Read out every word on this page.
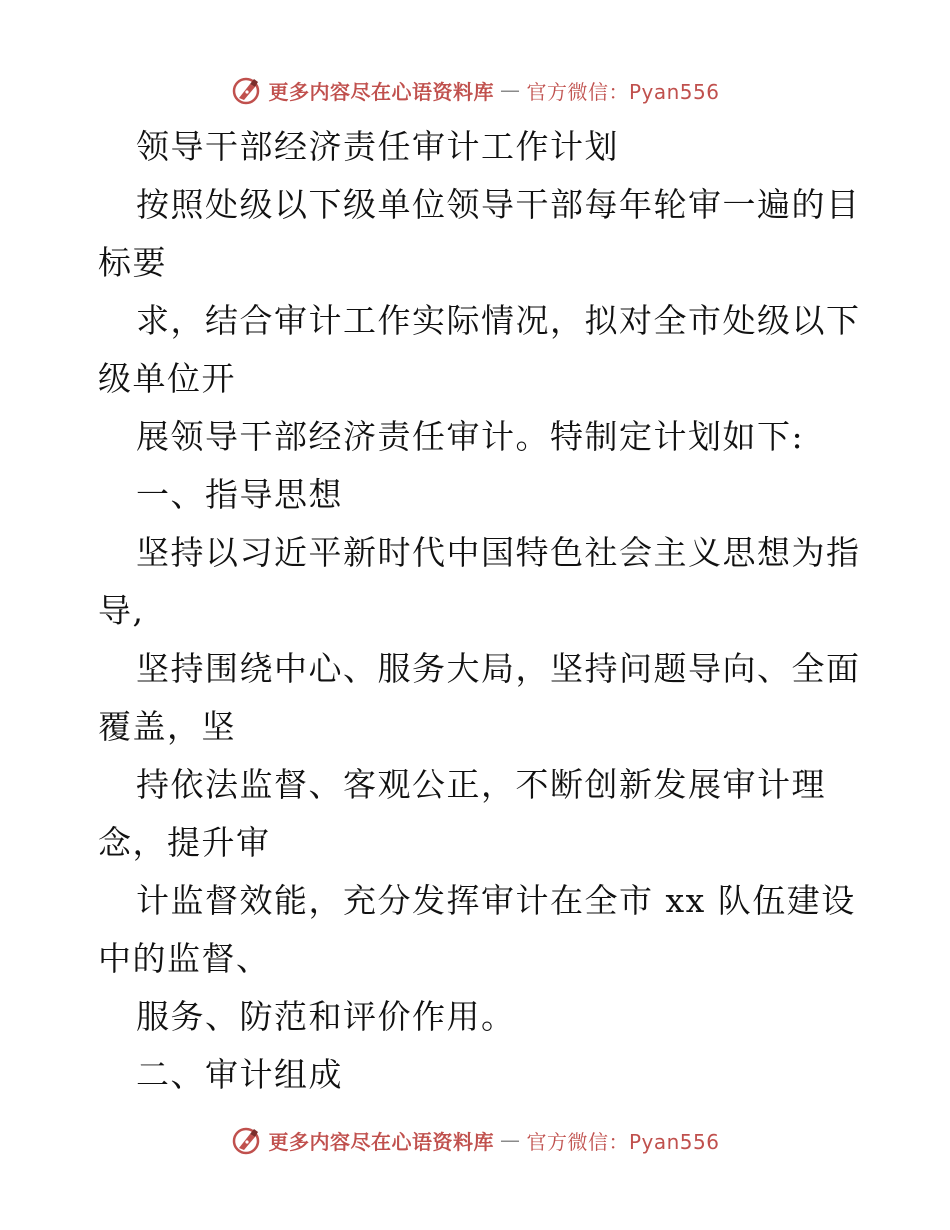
更多内容尽在心语资料库 — 官方微信：Pyan556
领导干部经济责任审计工作计划
按照处级以下级单位领导干部每年轮审一遍的目
标要
求，结合审计工作实际情况，拟对全市处级以下
级单位开
展领导干部经济责任审计。特制定计划如下:
一、指导思想
坚持以习近平新时代中国特色社会主义思想为指
导,
坚持围绕中心、服务大局，坚持问题导向、全面
覆盖，坚
持依法监督、客观公正，不断创新发展审计理
念，提升审
计监督效能，充分发挥审计在全市 xx 队伍建设
中的监督、
服务、防范和评价作用。
二、审计组成
更多内容尽在心语资料库 — 官方微信：Pyan556
